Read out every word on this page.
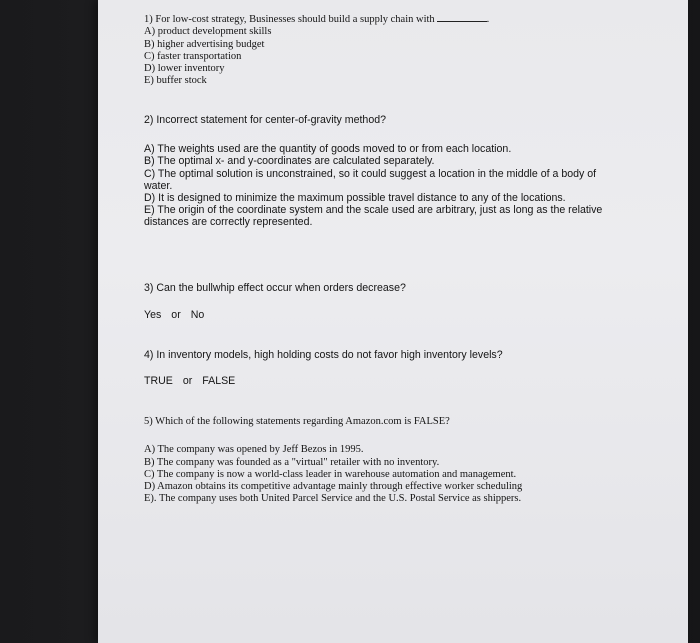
1) For low-cost strategy, Businesses should build a supply chain with	.
A) product development skills
B) higher advertising budget
C) faster transportation
D) lower inventory
E) buffer stock
2) Incorrect statement for center-of-gravity method?
A) The weights used are the quantity of goods moved to or from each location.
B) The optimal x- and y-coordinates are calculated separately.
C) The optimal solution is unconstrained, so it could suggest a location in the middle of a body of water.
D) It is designed to minimize the maximum possible travel distance to any of the locations.
E) The origin of the coordinate system and the scale used are arbitrary, just as long as the relative distances are correctly represented.
3) Can the bullwhip effect occur when orders decrease?
Yes or No
4) In inventory models, high holding costs do not favor high inventory levels?
TRUE or FALSE
5) Which of the following statements regarding Amazon.com is FALSE?
A) The company was opened by Jeff Bezos in 1995.
B) The company was founded as a "virtual" retailer with no inventory.
C) The company is now a world-class leader in warehouse automation and management.
D) Amazon obtains its competitive advantage mainly through effective worker scheduling
E). The company uses both United Parcel Service and the U.S. Postal Service as shippers.
